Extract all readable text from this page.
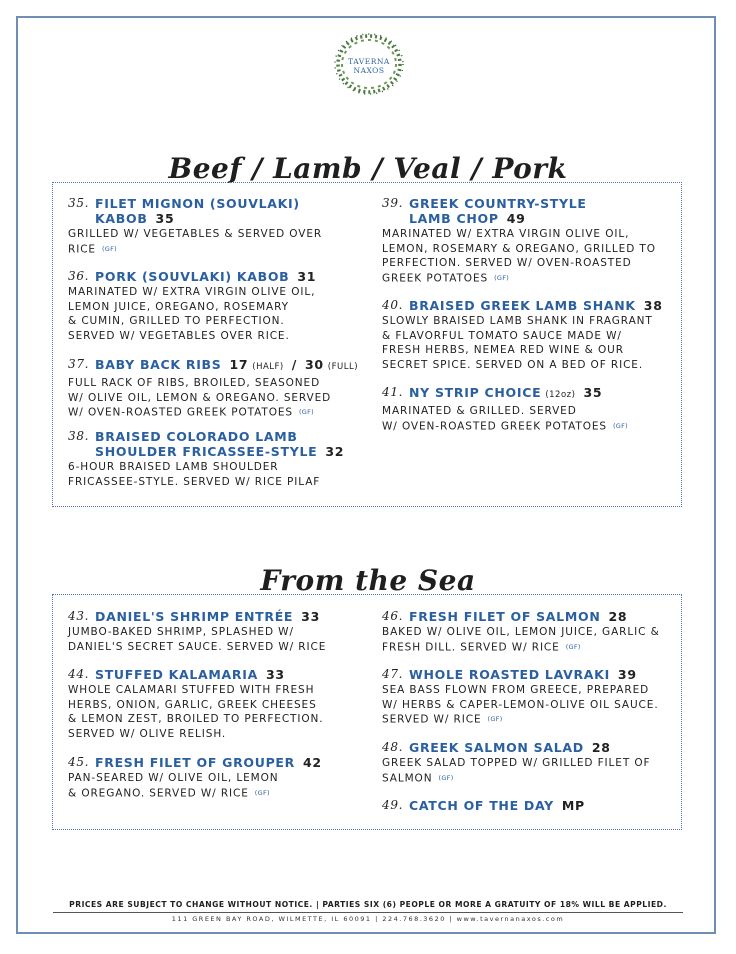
TAVERNA
NAXOS
Beef / Lamb / Veal / Pork
35. FILET MIGNON (SOUVLAKI)
KABOB 35
GRILLED W/ VEGETABLES & SERVED OVER
RICE (GF)
36. PORK (SOUVLAKI) KABOB 31
MARINATED W/ EXTRA VIRGIN OLIVE OIL,
LEMON JUICE, OREGANO, ROSEMARY
& CUMIN, GRILLED TO PERFECTION.
SERVED W/ VEGETABLES OVER RICE.
37. BABY BACK RIBS 17 (HALF) / 30 (FULL)
FULL RACK OF RIBS, BROILED, SEASONED
W/ OLIVE OIL, LEMON & OREGANO. SERVED
W/ OVEN-ROASTED GREEK POTATOES (GF)
38. BRAISED COLORADO LAMB
SHOULDER FRICASSEE-STYLE 32
6-HOUR BRAISED LAMB SHOULDER
FRICASSEE-STYLE. SERVED W/ RICE PILAF
39. GREEK COUNTRY-STYLE
LAMB CHOP 49
MARINATED W/ EXTRA VIRGIN OLIVE OIL,
LEMON, ROSEMARY & OREGANO, GRILLED TO
PERFECTION. SERVED W/ OVEN-ROASTED
GREEK POTATOES (GF)
40. BRAISED GREEK LAMB SHANK 38
SLOWLY BRAISED LAMB SHANK IN FRAGRANT
& FLAVORFUL TOMATO SAUCE MADE W/
FRESH HERBS, NEMEA RED WINE & OUR
SECRET SPICE. SERVED ON A BED OF RICE.
41. NY STRIP CHOICE (12oz) 35
MARINATED & GRILLED. SERVED
W/ OVEN-ROASTED GREEK POTATOES (GF)
From the Sea
43. DANIEL'S SHRIMP ENTRÉE 33
JUMBO-BAKED SHRIMP, SPLASHED W/
DANIEL'S SECRET SAUCE. SERVED W/ RICE
44. STUFFED KALAMARIA 33
WHOLE CALAMARI STUFFED WITH FRESH
HERBS, ONION, GARLIC, GREEK CHEESES
& LEMON ZEST, BROILED TO PERFECTION.
SERVED W/ OLIVE RELISH.
45. FRESH FILET OF GROUPER 42
PAN-SEARED W/ OLIVE OIL, LEMON
& OREGANO. SERVED W/ RICE (GF)
46. FRESH FILET OF SALMON 28
BAKED W/ OLIVE OIL, LEMON JUICE, GARLIC &
FRESH DILL. SERVED W/ RICE (GF)
47. WHOLE ROASTED LAVRAKI 39
SEA BASS FLOWN FROM GREECE, PREPARED
W/ HERBS & CAPER-LEMON-OLIVE OIL SAUCE.
SERVED W/ RICE (GF)
48. GREEK SALMON SALAD 28
GREEK SALAD TOPPED W/ GRILLED FILET OF
SALMON (GF)
49. CATCH OF THE DAY MP
PRICES ARE SUBJECT TO CHANGE WITHOUT NOTICE. | PARTIES SIX (6) PEOPLE OR MORE A GRATUITY OF 18% WILL BE APPLIED.
111 GREEN BAY ROAD, WILMETTE, IL 60091 | 224.768.3620 | www.tavernanaxos.com
